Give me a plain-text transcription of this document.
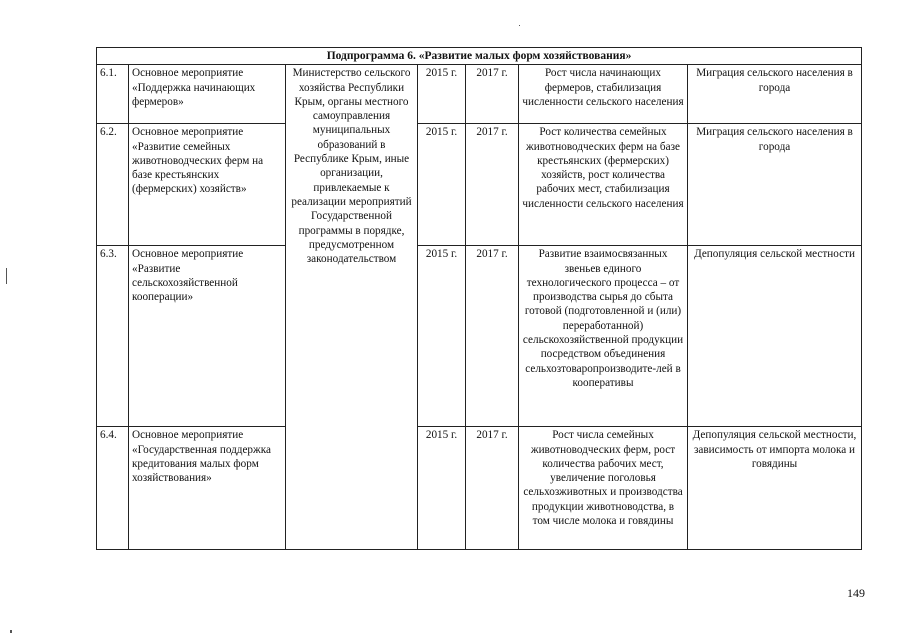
Подпрограмма 6. «Развитие малых форм хозяйствования»						
6.1.	Основное мероприятие «Поддержка начинающих фермеров»	Министерство сельского хозяйства Республики Крым, органы местного самоуправления муниципальных образований в Республике Крым, иные организации, привлекаемые к реализации мероприятий Государственной программы в порядке, предусмотренном законодательством	2015 г.	2017 г.	Рост числа начинающих фермеров, стабилизация численности сельского населения	Миграция сельского населения в города
6.2.	Основное мероприятие «Развитие семейных животноводческих ферм на базе крестьянских (фермерских) хозяйств»		2015 г.	2017 г.	Рост количества семейных животноводческих ферм на базе крестьянских (фермерских) хозяйств, рост количества рабочих мест, стабилизация численности сельского населения	Миграция сельского населения в города
6.3.	Основное мероприятие «Развитие сельскохозяйственной кооперации»		2015 г.	2017 г.	Развитие взаимосвязанных звеньев единого технологического процесса – от производства сырья до сбыта готовой (подготовленной и (или) переработанной) сельскохозяйственной продукции посредством объединения сельхозтоваропроизводите-лей в кооперативы	Депопуляция сельской местности
6.4.	Основное мероприятие «Государственная поддержка кредитования малых форм хозяйствования»		2015 г.	2017 г.	Рост числа семейных животноводческих ферм, рост количества рабочих мест, увеличение поголовья сельхозживотных и производства продукции животноводства, в том числе молока и говядины	Депопуляция сельской местности, зависимость от импорта молока и говядины
149
